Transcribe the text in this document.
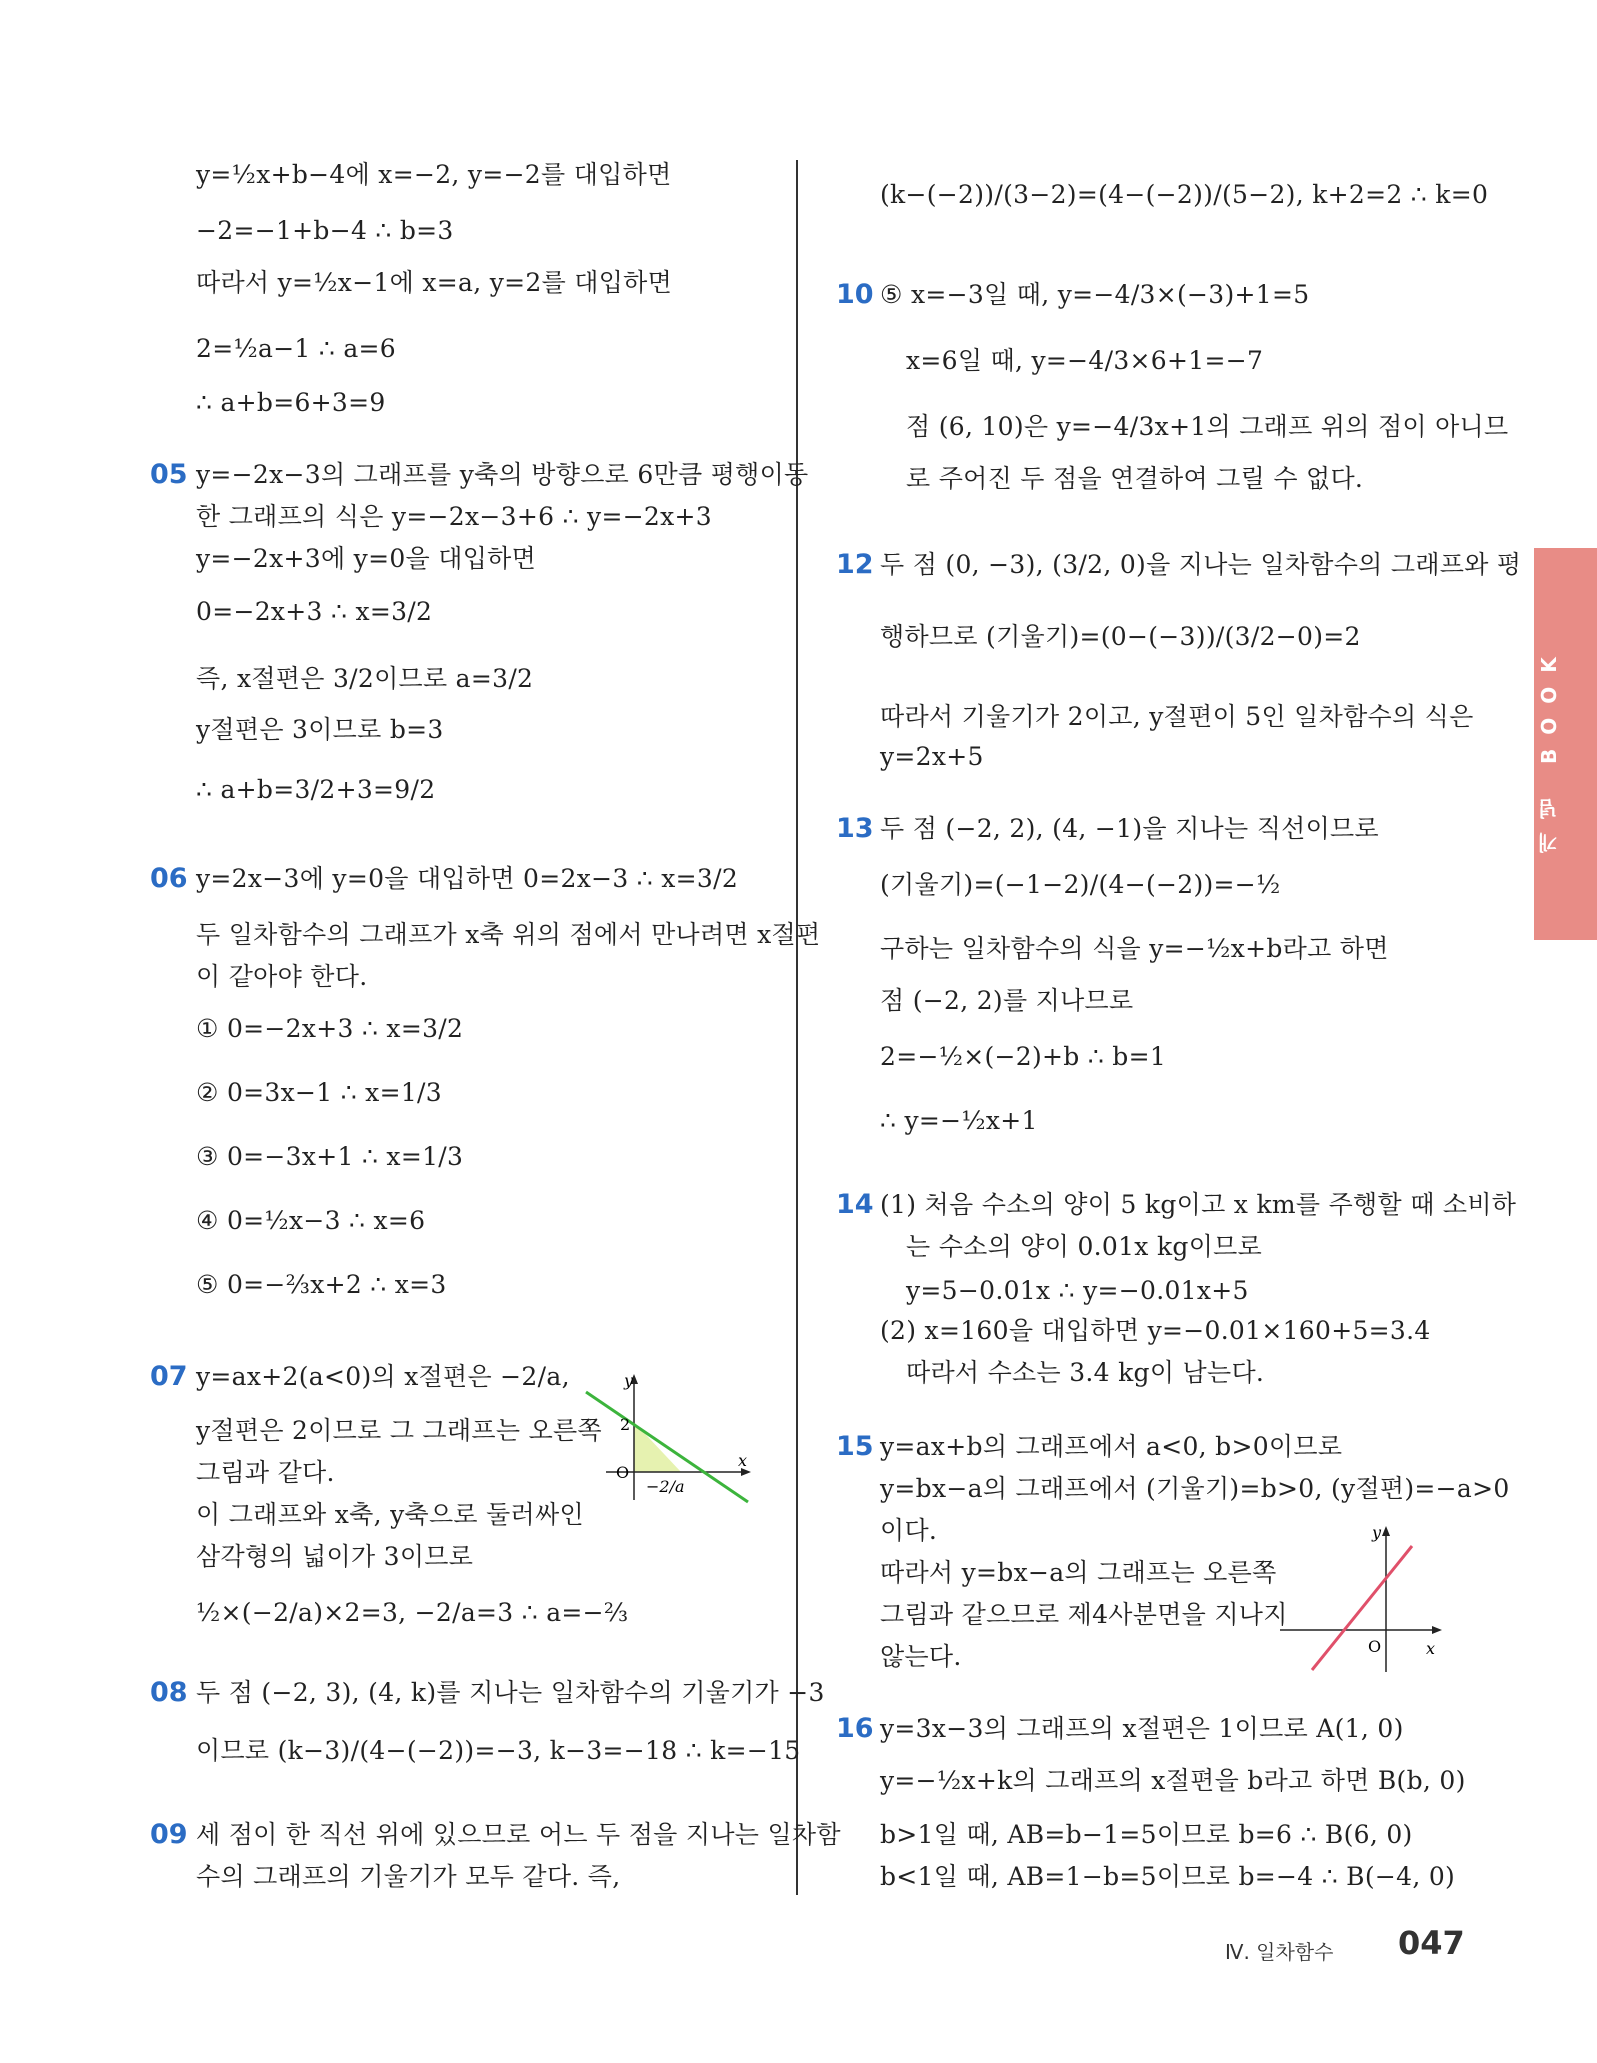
y=½x+b−4에 x=−2, y=−2를 대입하면
−2=−1+b−4 ∴ b=3
따라서 y=½x−1에 x=a, y=2를 대입하면
2=½a−1 ∴ a=6
∴ a+b=6+3=9
05 y=−2x−3의 그래프를 y축의 방향으로 6만큼 평행이동
한 그래프의 식은 y=−2x−3+6 ∴ y=−2x+3
y=−2x+3에 y=0을 대입하면
0=−2x+3 ∴ x=3/2
즉, x절편은 3/2이므로 a=3/2
y절편은 3이므로 b=3
∴ a+b=3/2+3=9/2
06 y=2x−3에 y=0을 대입하면 0=2x−3 ∴ x=3/2
두 일차함수의 그래프가 x축 위의 점에서 만나려면 x절편
이 같아야 한다.
① 0=−2x+3 ∴ x=3/2
② 0=3x−1 ∴ x=1/3
③ 0=−3x+1 ∴ x=1/3
④ 0=½x−3 ∴ x=6
⑤ 0=−⅔x+2 ∴ x=3
07 y=ax+2(a<0)의 x절편은 −2/a,
y절편은 2이므로 그 그래프는 오른쪽
그림과 같다.
이 그래프와 x축, y축으로 둘러싸인
삼각형의 넓이가 3이므로
½×(−2/a)×2=3, −2/a=3 ∴ a=−⅔
y
x
O
2
−2/a
08 두 점 (−2, 3), (4, k)를 지나는 일차함수의 기울기가 −3
이므로 (k−3)/(4−(−2))=−3, k−3=−18 ∴ k=−15
09 세 점이 한 직선 위에 있으므로 어느 두 점을 지나는 일차함
수의 그래프의 기울기가 모두 같다. 즉,
(k−(−2))/(3−2)=(4−(−2))/(5−2), k+2=2 ∴ k=0
10 ⑤ x=−3일 때, y=−4/3×(−3)+1=5
x=6일 때, y=−4/3×6+1=−7
점 (6, 10)은 y=−4/3x+1의 그래프 위의 점이 아니므
로 주어진 두 점을 연결하여 그릴 수 없다.
12 두 점 (0, −3), (3/2, 0)을 지나는 일차함수의 그래프와 평
행하므로 (기울기)=(0−(−3))/(3/2−0)=2
따라서 기울기가 2이고, y절편이 5인 일차함수의 식은
y=2x+5
13 두 점 (−2, 2), (4, −1)을 지나는 직선이므로
(기울기)=(−1−2)/(4−(−2))=−½
구하는 일차함수의 식을 y=−½x+b라고 하면
점 (−2, 2)를 지나므로
2=−½×(−2)+b ∴ b=1
∴ y=−½x+1
14 (1) 처음 수소의 양이 5 kg이고 x km를 주행할 때 소비하
는 수소의 양이 0.01x kg이므로
y=5−0.01x ∴ y=−0.01x+5
(2) x=160을 대입하면 y=−0.01×160+5=3.4
따라서 수소는 3.4 kg이 남는다.
15 y=ax+b의 그래프에서 a<0, b>0이므로
y=bx−a의 그래프에서 (기울기)=b>0, (y절편)=−a>0
이다.
따라서 y=bx−a의 그래프는 오른쪽
그림과 같으므로 제4사분면을 지나지
않는다.
y
x
O
16 y=3x−3의 그래프의 x절편은 1이므로 A(1, 0)
y=−½x+k의 그래프의 x절편을 b라고 하면 B(b, 0)
b>1일 때, AB=b−1=5이므로 b=6 ∴ B(6, 0)
b<1일 때, AB=1−b=5이므로 b=−4 ∴ B(−4, 0)
개념 BOOK
Ⅳ. 일차함수 047
